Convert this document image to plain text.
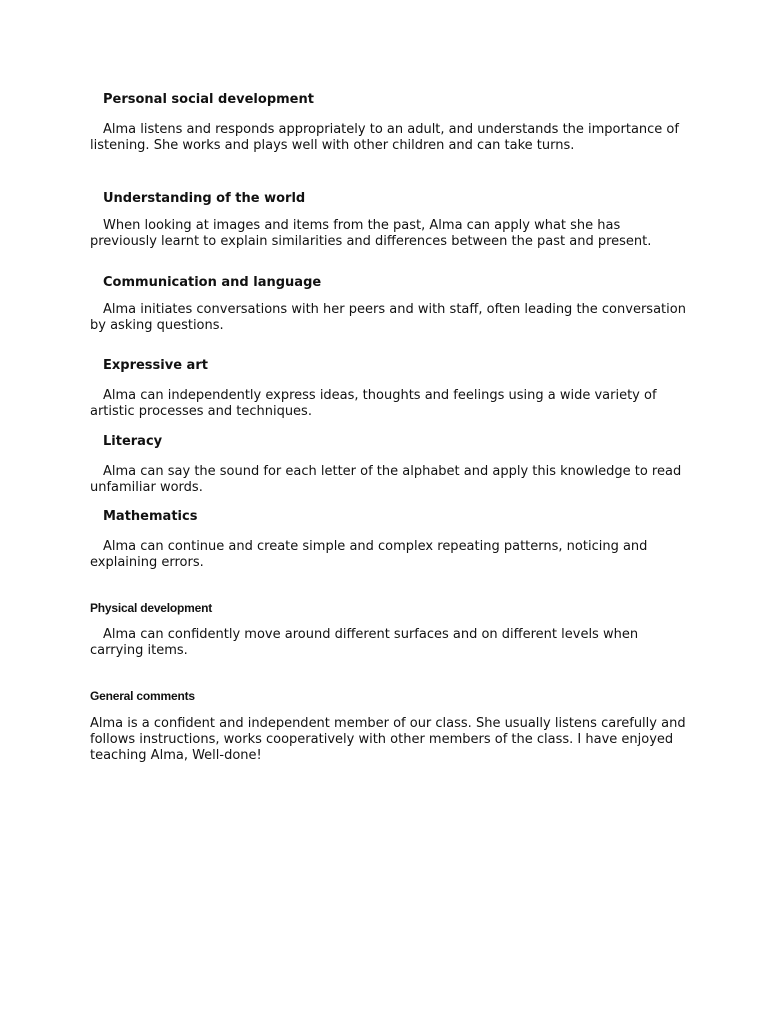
Personal social development

Alma listens and responds appropriately to an adult, and understands the importance of listening. She works and plays well with other children and can take turns.

Understanding of the world

When looking at images and items from the past, Alma can apply what she has previously learnt to explain similarities and differences between the past and present.

Communication and language

Alma initiates conversations with her peers and with staff, often leading the conversation by asking questions.

Expressive art

Alma can independently express ideas, thoughts and feelings using a wide variety of artistic processes and techniques.

Literacy

Alma can say the sound for each letter of the alphabet and apply this knowledge to read unfamiliar words.

Mathematics

Alma can continue and create simple and complex repeating patterns, noticing and explaining errors.

Physical development

Alma can confidently move around different surfaces and on different levels when carrying items.

General comments

Alma is a confident and independent member of our class. She usually listens carefully and follows instructions, works cooperatively with other members of the class. I have enjoyed teaching Alma, Well-done!
